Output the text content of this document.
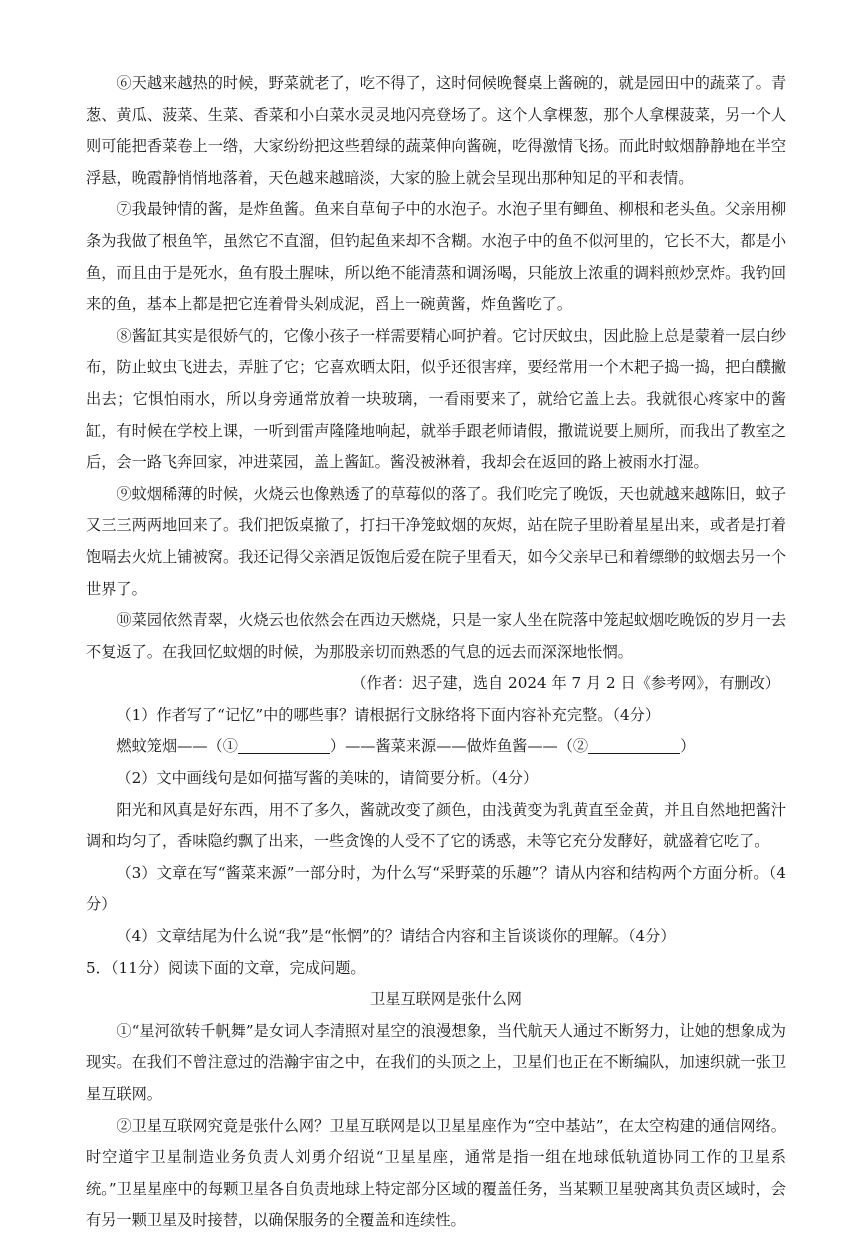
⑥天越来越热的时候，野菜就老了，吃不得了，这时伺候晚餐桌上酱碗的，就是园田中的蔬菜了。青葱、黄瓜、菠菜、生菜、香菜和小白菜水灵灵地闪亮登场了。这个人拿棵葱，那个人拿棵菠菜，另一个人则可能把香菜卷上一绺，大家纷纷把这些碧绿的蔬菜伸向酱碗，吃得激情飞扬。而此时蚊烟静静地在半空浮悬，晚霞静悄悄地落着，天色越来越暗淡，大家的脸上就会呈现出那种知足的平和表情。

⑦我最钟情的酱，是炸鱼酱。鱼来自草甸子中的水泡子。水泡子里有鲫鱼、柳根和老头鱼。父亲用柳条为我做了根鱼竿，虽然它不直溜，但钓起鱼来却不含糊。水泡子中的鱼不似河里的，它长不大，都是小鱼，而且由于是死水，鱼有股土腥味，所以绝不能清蒸和调汤喝，只能放上浓重的调料煎炒烹炸。我钓回来的鱼，基本上都是把它连着骨头剁成泥，舀上一碗黄酱，炸鱼酱吃了。

⑧酱缸其实是很娇气的，它像小孩子一样需要精心呵护着。它讨厌蚊虫，因此脸上总是蒙着一层白纱布，防止蚊虫飞进去，弄脏了它；它喜欢晒太阳，似乎还很害痒，要经常用一个木耙子捣一捣，把白醭撇出去；它惧怕雨水，所以身旁通常放着一块玻璃，一看雨要来了，就给它盖上去。我就很心疼家中的酱缸，有时候在学校上课，一听到雷声隆隆地响起，就举手跟老师请假，撒谎说要上厕所，而我出了教室之后，会一路飞奔回家，冲进菜园，盖上酱缸。酱没被淋着，我却会在返回的路上被雨水打湿。

⑨蚊烟稀薄的时候，火烧云也像熟透了的草莓似的落了。我们吃完了晚饭，天也就越来越陈旧，蚊子又三三两两地回来了。我们把饭桌撤了，打扫干净笼蚊烟的灰烬，站在院子里盼着星星出来，或者是打着饱嗝去火炕上铺被窝。我还记得父亲酒足饭饱后爱在院子里看天，如今父亲早已和着缥缈的蚊烟去另一个世界了。

⑩菜园依然青翠，火烧云也依然会在西边天燃烧，只是一家人坐在院落中笼起蚊烟吃晚饭的岁月一去不复返了。在我回忆蚊烟的时候，为那股亲切而熟悉的气息的远去而深深地怅惘。

（作者：迟子建，选自 2024 年 7 月 2 日《参考网》，有删改）

（1）作者写了“记忆”中的哪些事？请根据行文脉络将下面内容补充完整。（4分）

燃蚊笼烟——（①	）——酱菜来源——做炸鱼酱——（②	）

（2）文中画线句是如何描写酱的美味的，请简要分析。（4分）

阳光和风真是好东西，用不了多久，酱就改变了颜色，由浅黄变为乳黄直至金黄，并且自然地把酱汁调和均匀了，香味隐约飘了出来，一些贪馋的人受不了它的诱惑，未等它充分发酵好，就盛着它吃了。

（3）文章在写“酱菜来源”一部分时，为什么写“采野菜的乐趣”？请从内容和结构两个方面分析。（4分）

（4）文章结尾为什么说“我”是“怅惘”的？请结合内容和主旨谈谈你的理解。（4分）

5．（11分）阅读下面的文章，完成问题。

卫星互联网是张什么网

①“星河欲转千帆舞”是女词人李清照对星空的浪漫想象，当代航天人通过不断努力，让她的想象成为现实。在我们不曾注意过的浩瀚宇宙之中，在我们的头顶之上，卫星们也正在不断编队，加速织就一张卫星互联网。

②卫星互联网究竟是张什么网？卫星互联网是以卫星星座作为“空中基站”，在太空构建的通信网络。时空道宇卫星制造业务负责人刘勇介绍说“卫星星座，通常是指一组在地球低轨道协同工作的卫星系统。”卫星星座中的每颗卫星各自负责地球上特定部分区域的覆盖任务，当某颗卫星驶离其负责区域时，会有另一颗卫星及时接替，以确保服务的全覆盖和连续性。
